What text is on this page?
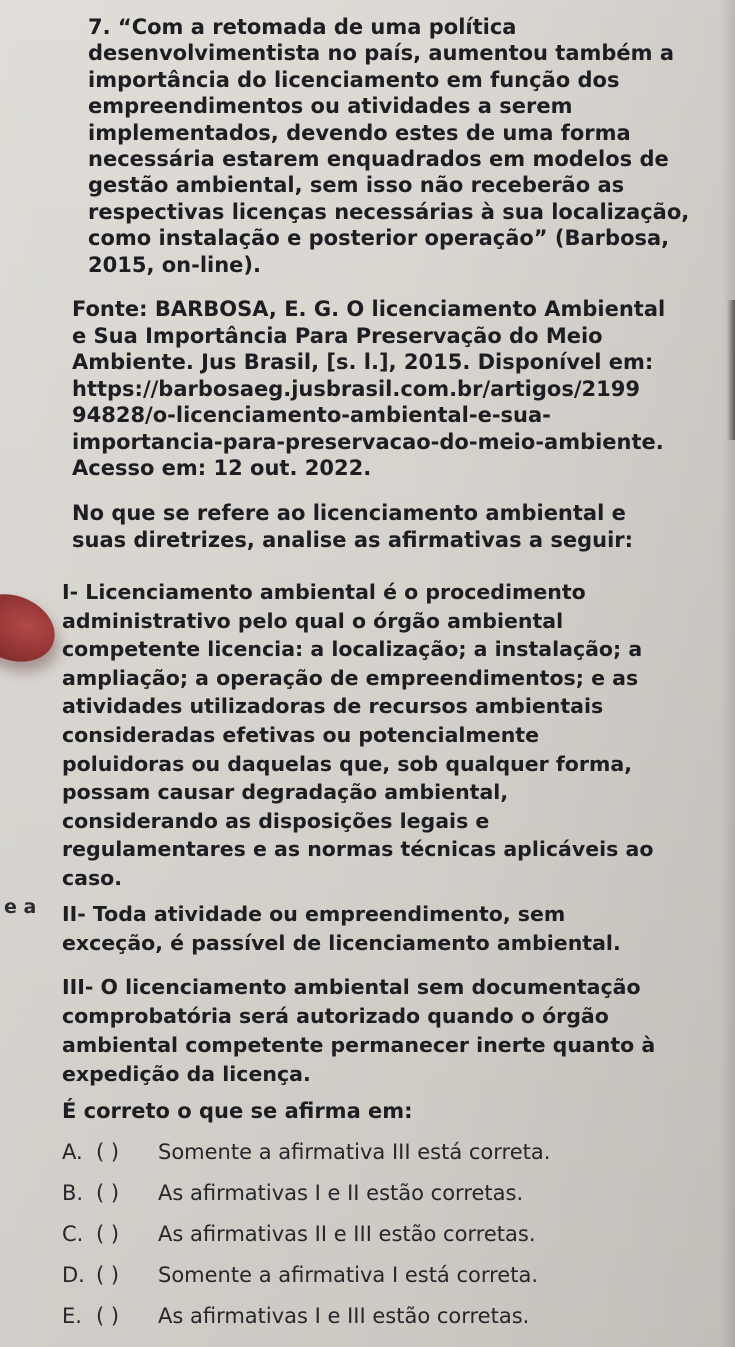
7. “Com a retomada de uma política
desenvolvimentista no país, aumentou também a
importância do licenciamento em função dos
empreendimentos ou atividades a serem
implementados, devendo estes de uma forma
necessária estarem enquadrados em modelos de
gestão ambiental, sem isso não receberão as
respectivas licenças necessárias à sua localização,
como instalação e posterior operação” (Barbosa,
2015, on-line).
Fonte: BARBOSA, E. G. O licenciamento Ambiental
e Sua Importância Para Preservação do Meio
Ambiente. Jus Brasil, [s. l.], 2015. Disponível em:
https://barbosaeg.jusbrasil.com.br/artigos/2199
94828/o-licenciamento-ambiental-e-sua-
importancia-para-preservacao-do-meio-ambiente.
Acesso em: 12 out. 2022.
No que se refere ao licenciamento ambiental e
suas diretrizes, analise as afirmativas a seguir:
I- Licenciamento ambiental é o procedimento
administrativo pelo qual o órgão ambiental
competente licencia: a localização; a instalação; a
ampliação; a operação de empreendimentos; e as
atividades utilizadoras de recursos ambientais
consideradas efetivas ou potencialmente
poluidoras ou daquelas que, sob qualquer forma,
possam causar degradação ambiental,
considerando as disposições legais e
regulamentares e as normas técnicas aplicáveis ao
caso.
e a II- Toda atividade ou empreendimento, sem
exceção, é passível de licenciamento ambiental.
III- O licenciamento ambiental sem documentação
comprobatória será autorizado quando o órgão
ambiental competente permanecer inerte quanto à
expedição da licença.
É correto o que se afirma em:
A. ( ) Somente a afirmativa III está correta.
B. ( ) As afirmativas I e II estão corretas.
C. ( ) As afirmativas II e III estão corretas.
D. ( ) Somente a afirmativa I está correta.
E. ( ) As afirmativas I e III estão corretas.
